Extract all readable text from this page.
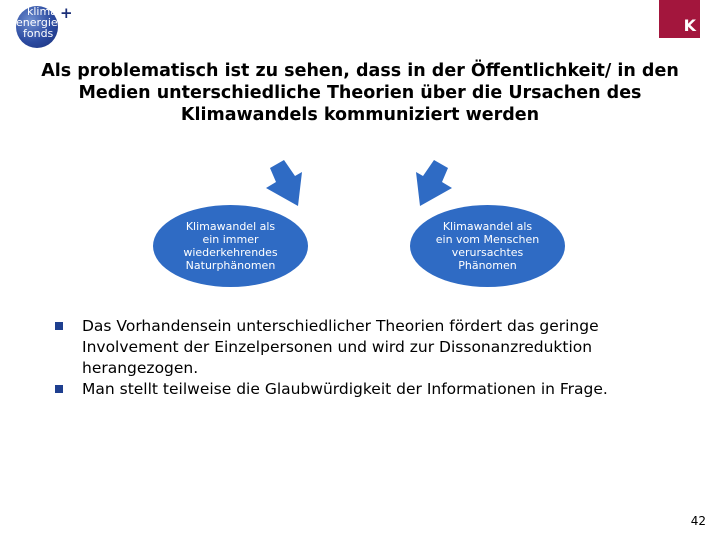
klima
energie
fonds
+
K
Als problematisch ist zu sehen, dass in der Öffentlichkeit/ in den Medien unterschiedliche Theorien über die Ursachen des Klimawandels kommuniziert werden
Klimawandel als
ein immer
wiederkehrendes
Naturphänomen
Klimawandel als
ein vom Menschen
verursachtes
Phänomen
Das Vorhandensein unterschiedlicher Theorien fördert das geringe Involvement der Einzelpersonen und wird zur Dissonanzreduktion herangezogen.
Man stellt teilweise die Glaubwürdigkeit der Informationen in Frage.
42
